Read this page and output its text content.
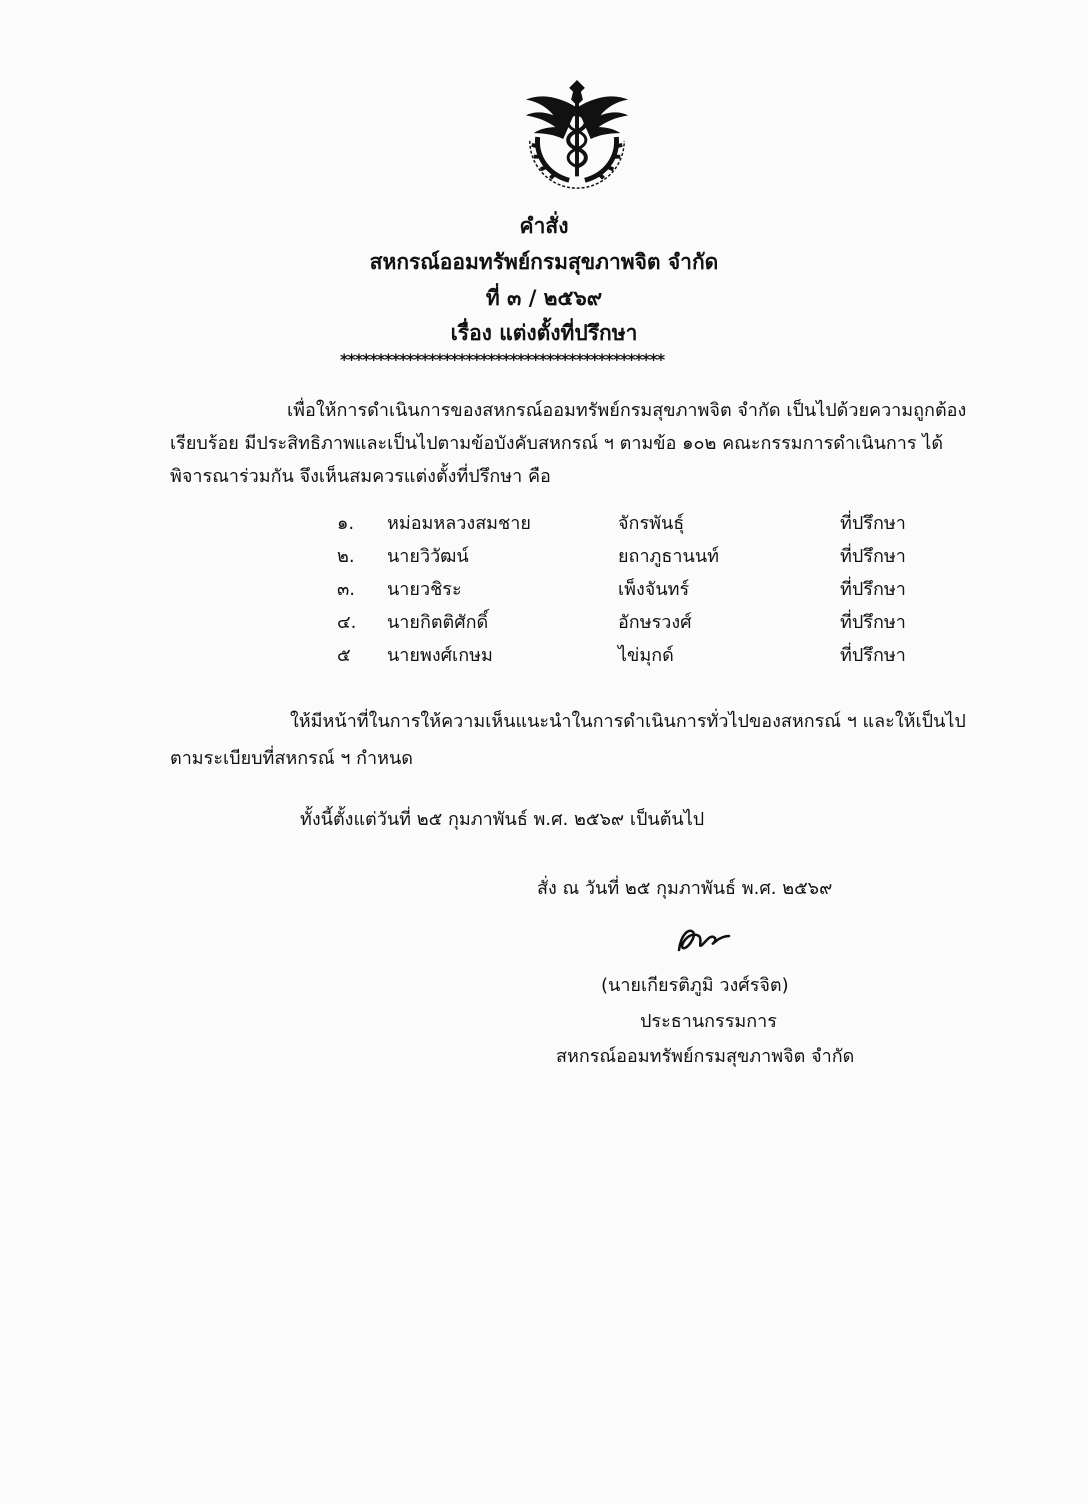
คำสั่ง
สหกรณ์ออมทรัพย์กรมสุขภาพจิต จำกัด
ที่ ๓ / ๒๕๖๙
เรื่อง แต่งตั้งที่ปรึกษา
********************************************
เพื่อให้การดำเนินการของสหกรณ์ออมทรัพย์กรมสุขภาพจิต จำกัด เป็นไปด้วยความถูกต้อง
เรียบร้อย มีประสิทธิภาพและเป็นไปตามข้อบังคับสหกรณ์ ฯ ตามข้อ ๑๐๒ คณะกรรมการดำเนินการ ได้
พิจารณาร่วมกัน จึงเห็นสมควรแต่งตั้งที่ปรึกษา คือ
๑. หม่อมหลวงสมชาย	จักรพันธุ์	ที่ปรึกษา
๒. นายวิวัฒน์	ยถาภูธานนท์	ที่ปรึกษา
๓. นายวชิระ	เพ็งจันทร์	ที่ปรึกษา
๔. นายกิตติศักดิ์	อักษรวงศ์	ที่ปรึกษา
๕ นายพงศ์เกษม	ไข่มุกด์	ที่ปรึกษา
ให้มีหน้าที่ในการให้ความเห็นแนะนำในการดำเนินการทั่วไปของสหกรณ์ ฯ และให้เป็นไป
ตามระเบียบที่สหกรณ์ ฯ กำหนด
ทั้งนี้ตั้งแต่วันที่ ๒๕ กุมภาพันธ์ พ.ศ. ๒๕๖๙ เป็นต้นไป
สั่ง ณ วันที่ ๒๕ กุมภาพันธ์ พ.ศ. ๒๕๖๙
(นายเกียรติภูมิ วงศ์รจิต)
ประธานกรรมการ
สหกรณ์ออมทรัพย์กรมสุขภาพจิต จำกัด
